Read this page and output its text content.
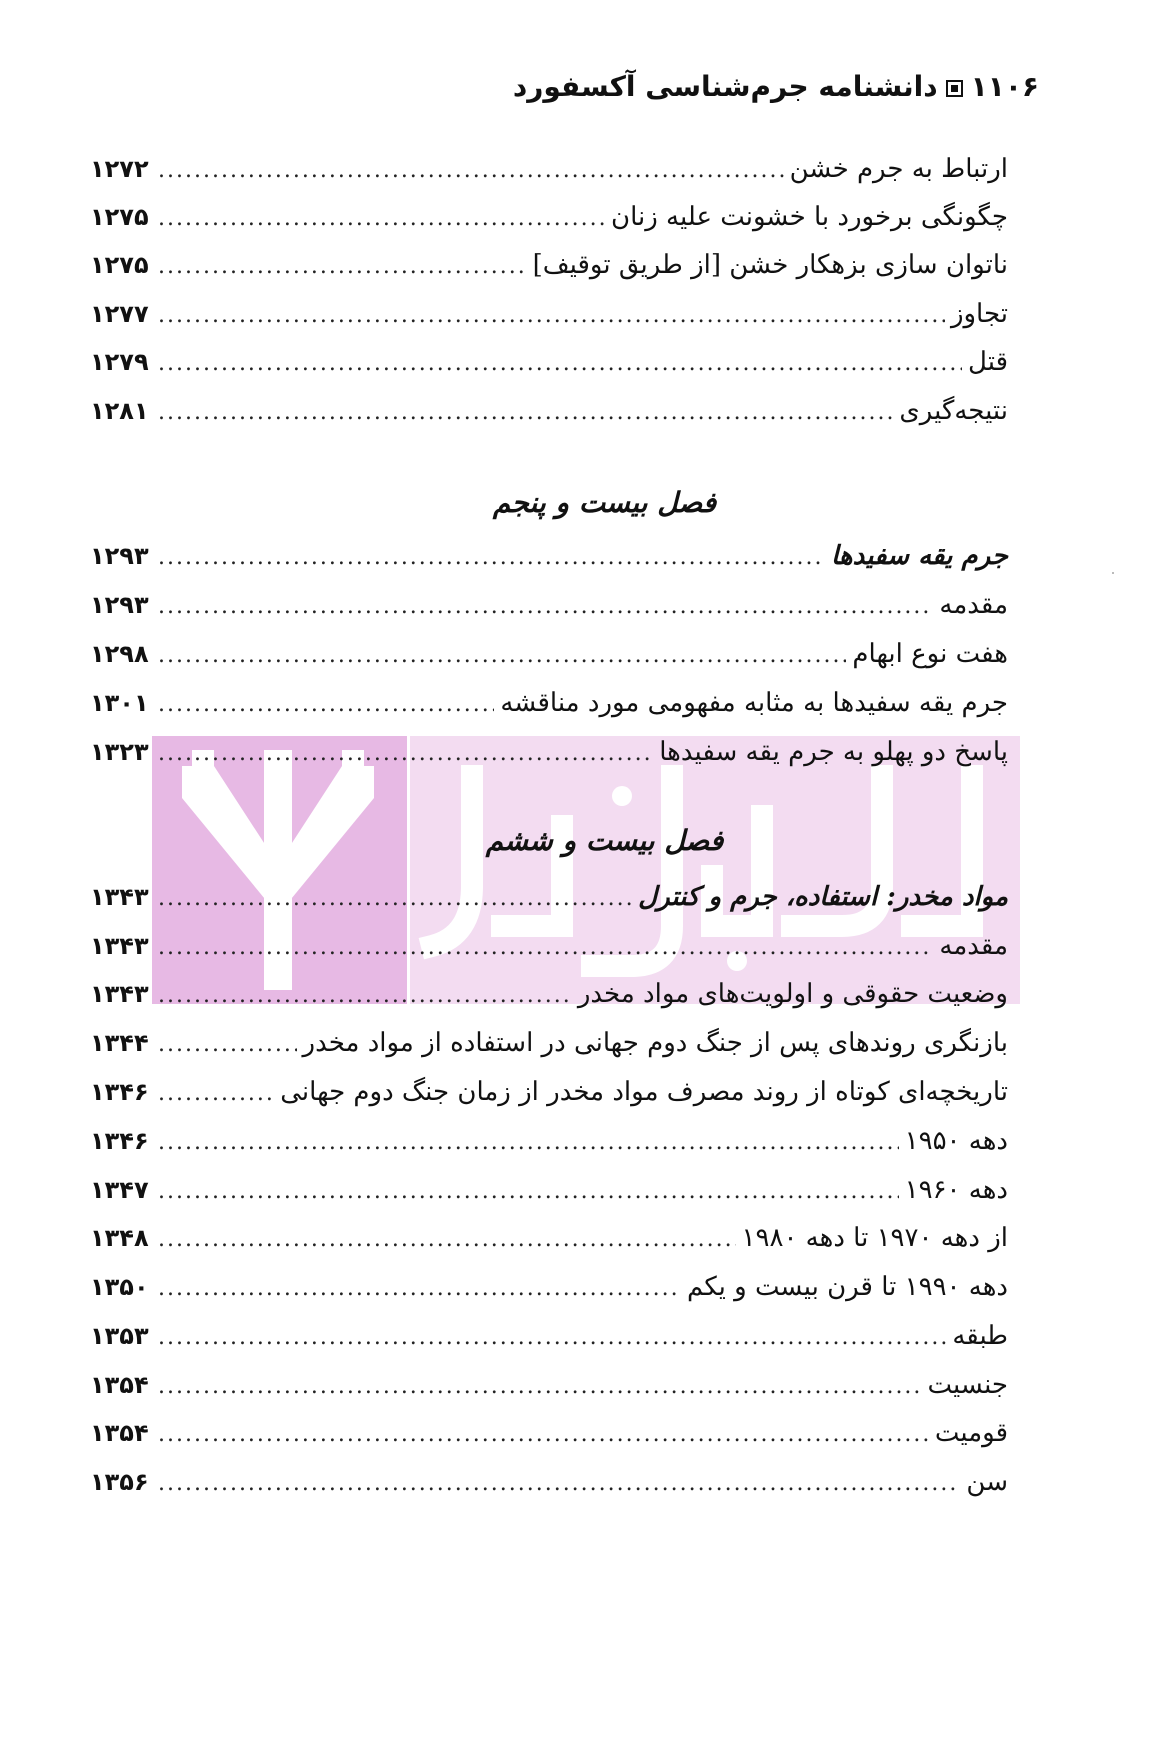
۱۱۰۶دانشنامه جرم‌شناسی آکسفورد
ارتباط به جرم خشن
.....
۱۲۷۲
چگونگی برخورد با خشونت علیه زنان
.....
۱۲۷۵
ناتوان سازی بزهکار خشن [از طریق توقیف]
.....
۱۲۷۵
تجاوز
.....
۱۲۷۷
قتل
.....
۱۲۷۹
نتیجه‌گیری
.....
۱۲۸۱
فصل بیست و پنجم
جرم یقه سفیدها
.....
۱۲۹۳
مقدمه
.....
۱۲۹۳
هفت نوع ابهام
.....
۱۲۹۸
جرم یقه سفیدها به مثابه مفهومی مورد مناقشه
.....
۱۳۰۱
پاسخ دو پهلو به جرم یقه سفیدها
.....
۱۳۲۳
فصل بیست و ششم
مواد مخدر: استفاده، جرم و کنترل
.....
۱۳۴۳
مقدمه
.....
۱۳۴۳
وضعیت حقوقی و اولویت‌های مواد مخدر
.....
۱۳۴۳
بازنگری روندهای پس از جنگ دوم جهانی در استفاده از مواد مخدر
.....
۱۳۴۴
تاریخچه‌ای کوتاه از روند مصرف مواد مخدر از زمان جنگ دوم جهانی
.....
۱۳۴۶
دهه ۱۹۵۰
.....
۱۳۴۶
دهه ۱۹۶۰
.....
۱۳۴۷
از دهه ۱۹۷۰ تا دهه ۱۹۸۰
.....
۱۳۴۸
دهه ۱۹۹۰ تا قرن بیست و یکم
.....
۱۳۵۰
طبقه
.....
۱۳۵۳
جنسیت
.....
۱۳۵۴
قومیت
.....
۱۳۵۴
سن
.....
۱۳۵۶
